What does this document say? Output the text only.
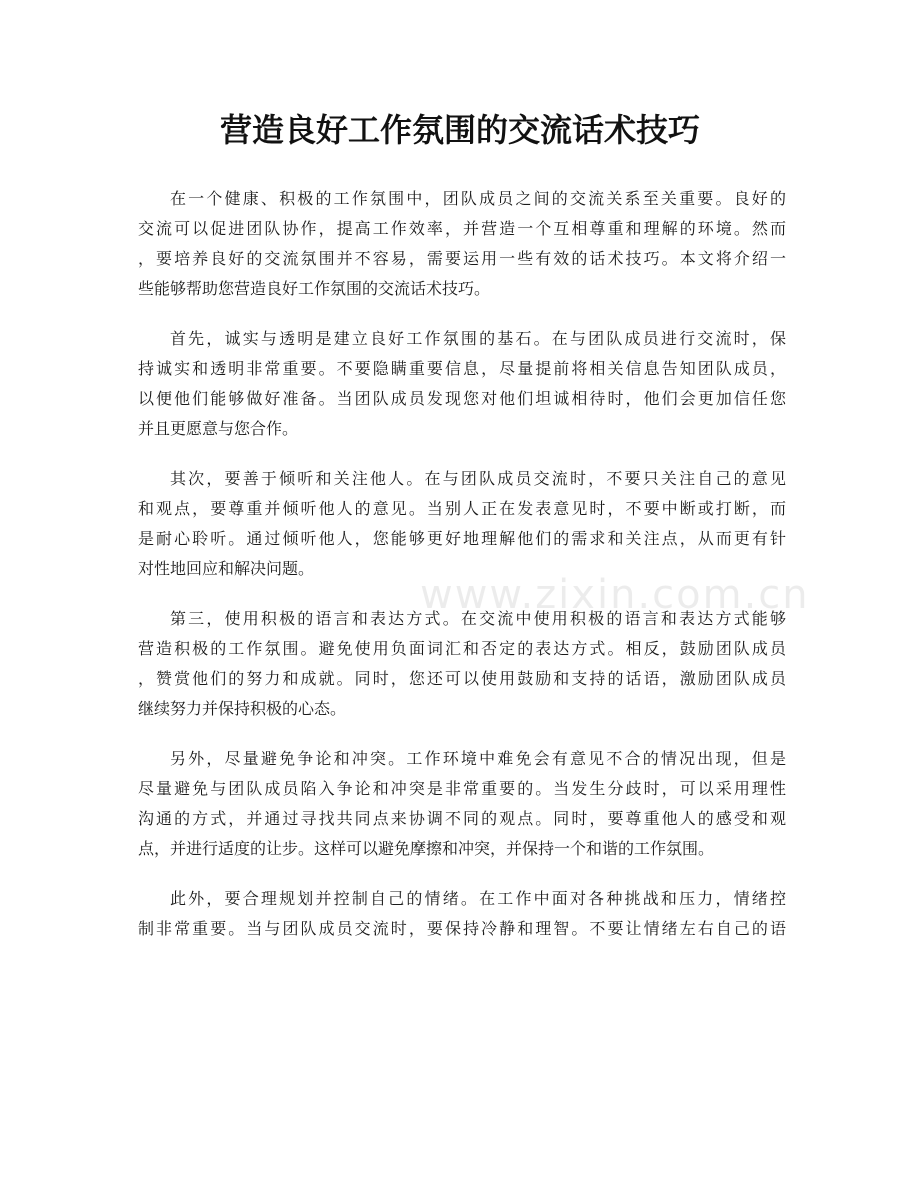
营造良好工作氛围的交流话术技巧

在一个健康、积极的工作氛围中，团队成员之间的交流关系至关重要。良好的
交流可以促进团队协作，提高工作效率，并营造一个互相尊重和理解的环境。然而
，要培养良好的交流氛围并不容易，需要运用一些有效的话术技巧。本文将介绍一
些能够帮助您营造良好工作氛围的交流话术技巧。

首先，诚实与透明是建立良好工作氛围的基石。在与团队成员进行交流时，保
持诚实和透明非常重要。不要隐瞒重要信息，尽量提前将相关信息告知团队成员，
以便他们能够做好准备。当团队成员发现您对他们坦诚相待时，他们会更加信任您
并且更愿意与您合作。

其次，要善于倾听和关注他人。在与团队成员交流时，不要只关注自己的意见
和观点，要尊重并倾听他人的意见。当别人正在发表意见时，不要中断或打断，而
是耐心聆听。通过倾听他人，您能够更好地理解他们的需求和关注点，从而更有针
对性地回应和解决问题。

第三，使用积极的语言和表达方式。在交流中使用积极的语言和表达方式能够
营造积极的工作氛围。避免使用负面词汇和否定的表达方式。相反，鼓励团队成员
，赞赏他们的努力和成就。同时，您还可以使用鼓励和支持的话语，激励团队成员
继续努力并保持积极的心态。

另外，尽量避免争论和冲突。工作环境中难免会有意见不合的情况出现，但是
尽量避免与团队成员陷入争论和冲突是非常重要的。当发生分歧时，可以采用理性
沟通的方式，并通过寻找共同点来协调不同的观点。同时，要尊重他人的感受和观
点，并进行适度的让步。这样可以避免摩擦和冲突，并保持一个和谐的工作氛围。

此外，要合理规划并控制自己的情绪。在工作中面对各种挑战和压力，情绪控
制非常重要。当与团队成员交流时，要保持冷静和理智。不要让情绪左右自己的语

www.zixin.com.cn
